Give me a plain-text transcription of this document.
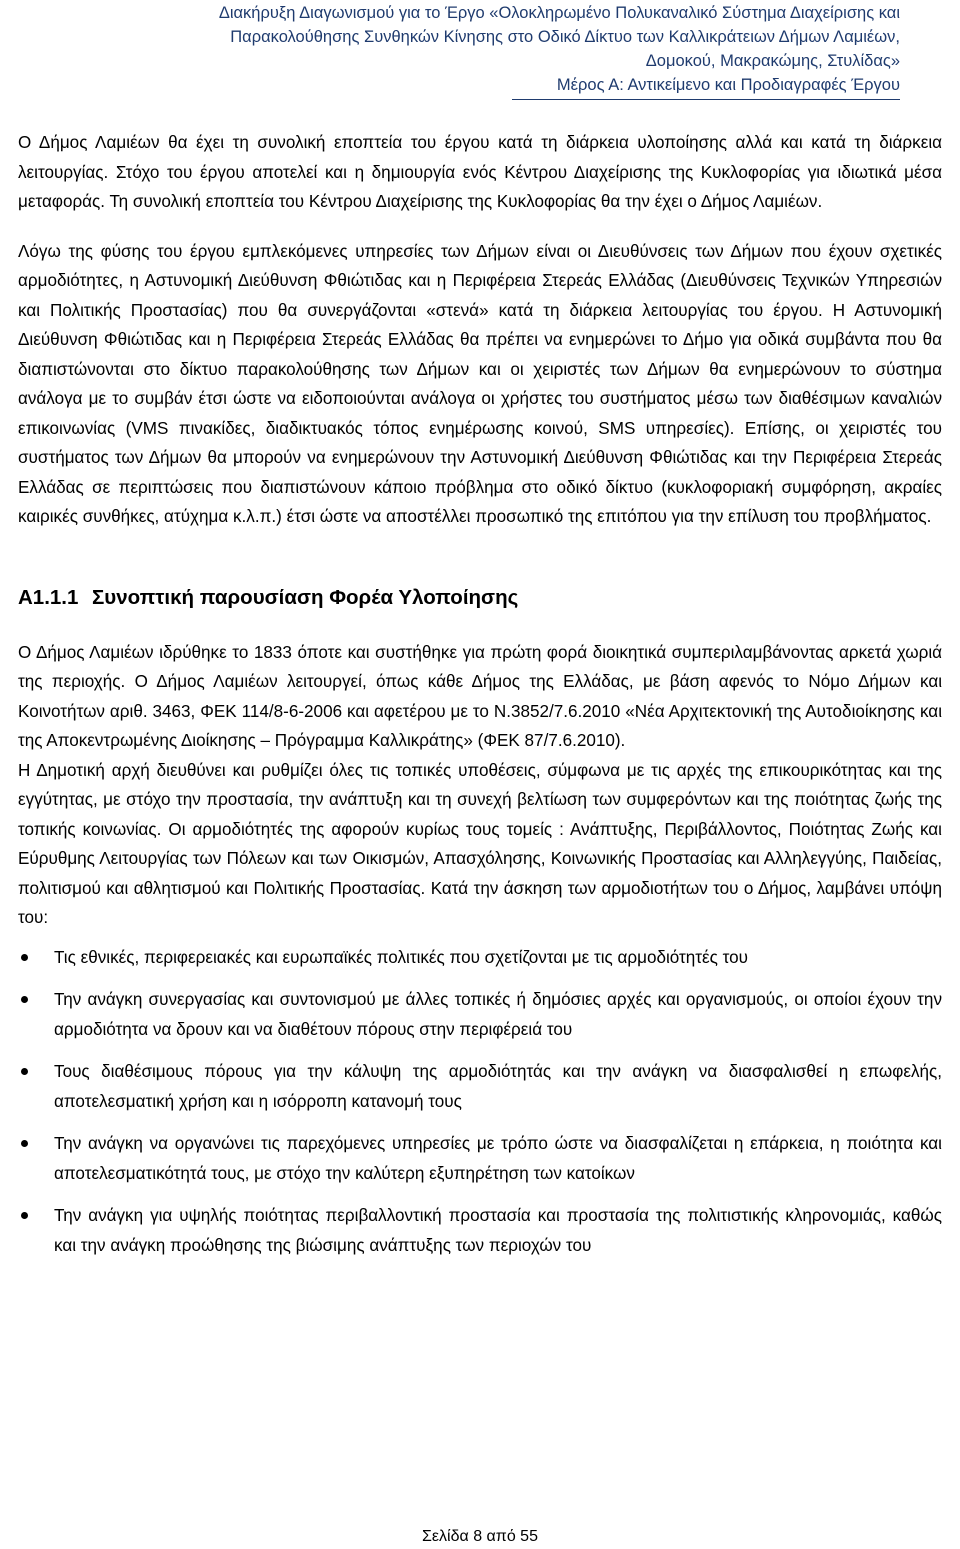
Διακήρυξη Διαγωνισμού για το Έργο «Ολοκληρωμένο Πολυκαναλικό Σύστημα Διαχείρισης και
Παρακολούθησης Συνθηκών Κίνησης στο Οδικό Δίκτυο των Καλλικράτειων Δήμων Λαμιέων,
Δομοκού, Μακρακώμης, Στυλίδας»
Μέρος Α: Αντικείμενο και Προδιαγραφές Έργου

Ο Δήμος Λαμιέων θα έχει τη συνολική εποπτεία του έργου κατά τη διάρκεια υλοποίησης αλλά και κατά τη διάρκεια λειτουργίας. Στόχο του έργου αποτελεί και η δημιουργία ενός Κέντρου Διαχείρισης της Κυκλοφορίας για ιδιωτικά μέσα μεταφοράς. Τη συνολική εποπτεία του Κέντρου Διαχείρισης της Κυκλοφορίας θα την έχει ο Δήμος Λαμιέων.

Λόγω της φύσης του έργου εμπλεκόμενες υπηρεσίες των Δήμων είναι οι Διευθύνσεις των Δήμων που έχουν σχετικές αρμοδιότητες, η Αστυνομική Διεύθυνση Φθιώτιδας και η Περιφέρεια Στερεάς Ελλάδας (Διευθύνσεις Τεχνικών Υπηρεσιών και Πολιτικής Προστασίας) που θα συνεργάζονται «στενά» κατά τη διάρκεια λειτουργίας του έργου. Η Αστυνομική Διεύθυνση Φθιώτιδας και η Περιφέρεια Στερεάς Ελλάδας θα πρέπει να ενημερώνει το Δήμο για οδικά συμβάντα που θα διαπιστώνονται στο δίκτυο παρακολούθησης των Δήμων και οι χειριστές των Δήμων θα ενημερώνουν το σύστημα ανάλογα με το συμβάν έτσι ώστε να ειδοποιούνται ανάλογα οι χρήστες του συστήματος μέσω των διαθέσιμων καναλιών επικοινωνίας (VMS πινακίδες, διαδικτυακός τόπος ενημέρωσης κοινού, SMS υπηρεσίες). Επίσης, οι χειριστές του συστήματος των Δήμων θα μπορούν να ενημερώνουν την Αστυνομική Διεύθυνση Φθιώτιδας και την Περιφέρεια Στερεάς Ελλάδας σε περιπτώσεις που διαπιστώνουν κάποιο πρόβλημα στο οδικό δίκτυο (κυκλοφοριακή συμφόρηση, ακραίες καιρικές συνθήκες, ατύχημα κ.λ.π.) έτσι ώστε να αποστέλλει προσωπικό της επιτόπου για την επίλυση του προβλήματος.

Α1.1.1 Συνοπτική παρουσίαση Φορέα Υλοποίησης

Ο Δήμος Λαμιέων ιδρύθηκε το 1833 όποτε και συστήθηκε για πρώτη φορά διοικητικά συμπεριλαμβάνοντας αρκετά χωριά της περιοχής. Ο Δήμος Λαμιέων λειτουργεί, όπως κάθε Δήμος της Ελλάδας, με βάση αφενός το Νόμο Δήμων και Κοινοτήτων αριθ. 3463, ΦΕΚ 114/8-6-2006 και αφετέρου με το Ν.3852/7.6.2010 «Νέα Αρχιτεκτονική της Αυτοδιοίκησης και της Αποκεντρωμένης Διοίκησης – Πρόγραμμα Καλλικράτης» (ΦΕΚ 87/7.6.2010).

Η Δημοτική αρχή διευθύνει και ρυθμίζει όλες τις τοπικές υποθέσεις, σύμφωνα με τις αρχές της επικουρικότητας και της εγγύτητας, με στόχο την προστασία, την ανάπτυξη και τη συνεχή βελτίωση των συμφερόντων και της ποιότητας ζωής της τοπικής κοινωνίας. Οι αρμοδιότητές της αφορούν κυρίως τους τομείς : Ανάπτυξης, Περιβάλλοντος, Ποιότητας Ζωής και Εύρυθμης Λειτουργίας των Πόλεων και των Οικισμών, Απασχόλησης, Κοινωνικής Προστασίας και Αλληλεγγύης, Παιδείας, πολιτισμού και αθλητισμού και Πολιτικής Προστασίας. Κατά την άσκηση των αρμοδιοτήτων του ο Δήμος, λαμβάνει υπόψη του:

Τις εθνικές, περιφερειακές και ευρωπαϊκές πολιτικές που σχετίζονται με τις αρμοδιότητές του
Την ανάγκη συνεργασίας και συντονισμού με άλλες τοπικές ή δημόσιες αρχές και οργανισμούς, οι οποίοι έχουν την αρμοδιότητα να δρουν και να διαθέτουν πόρους στην περιφέρειά του
Τους διαθέσιμους πόρους για την κάλυψη της αρμοδιότητάς και την ανάγκη να διασφαλισθεί η επωφελής, αποτελεσματική χρήση και η ισόρροπη κατανομή τους
Την ανάγκη να οργανώνει τις παρεχόμενες υπηρεσίες με τρόπο ώστε να διασφαλίζεται η επάρκεια, η ποιότητα και αποτελεσματικότητά τους, με στόχο την καλύτερη εξυπηρέτηση των κατοίκων
Την ανάγκη για υψηλής ποιότητας περιβαλλοντική προστασία και προστασία της πολιτιστικής κληρονομιάς, καθώς και την ανάγκη προώθησης της βιώσιμης ανάπτυξης των περιοχών του
Σελίδα 8 από 55
